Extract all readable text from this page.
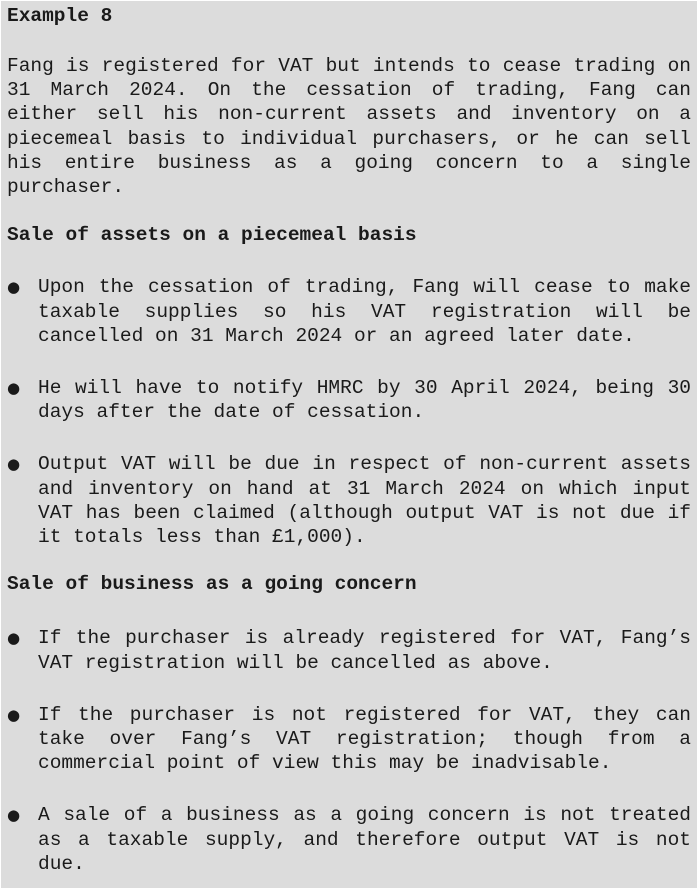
Example 8

Fang is registered for VAT but intends to cease trading on 31 March 2024. On the cessation of trading, Fang can either sell his non-current assets and inventory on a piecemeal basis to individual purchasers, or he can sell his entire business as a going concern to a single purchaser.

Sale of assets on a piecemeal basis

● Upon the cessation of trading, Fang will cease to make taxable supplies so his VAT registration will be cancelled on 31 March 2024 or an agreed later date.
● He will have to notify HMRC by 30 April 2024, being 30 days after the date of cessation.
● Output VAT will be due in respect of non-current assets and inventory on hand at 31 March 2024 on which input VAT has been claimed (although output VAT is not due if it totals less than £1,000).

Sale of business as a going concern

● If the purchaser is already registered for VAT, Fang’s VAT registration will be cancelled as above.
● If the purchaser is not registered for VAT, they can take over Fang’s VAT registration; though from a commercial point of view this may be inadvisable.
● A sale of a business as a going concern is not treated as a taxable supply, and therefore output VAT is not due.
